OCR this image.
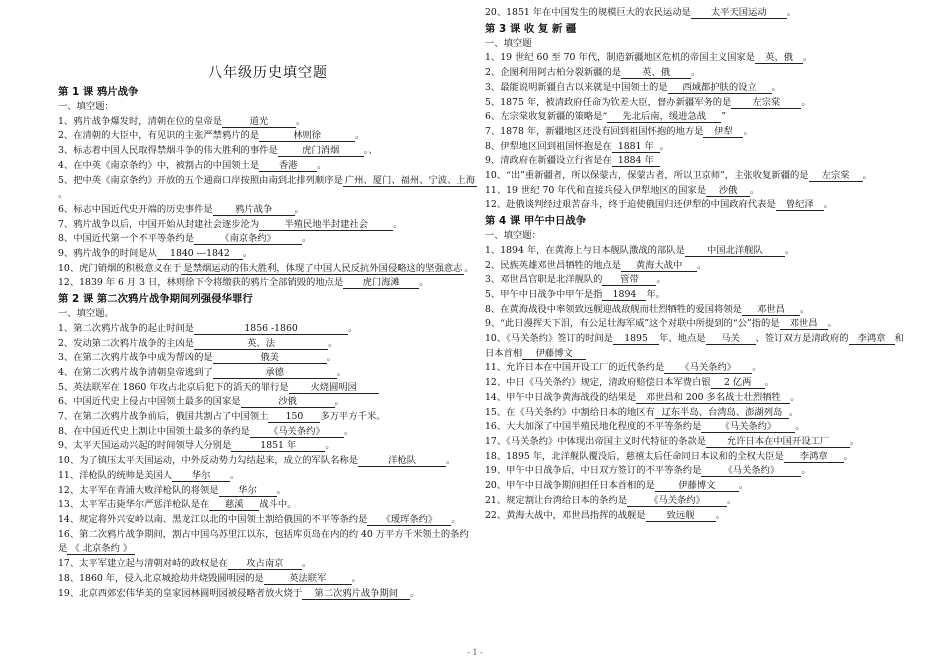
八年级历史填空题
第 1 课 鸦片战争
一、填空题：
1、鸦片战争爆发时，清朝在位的皇帝是	道光	。
2、在清朝的大臣中，有见识的主张严禁鸦片的是	林则徐	。
3、标志着中国人民取得禁烟斗争的伟大胜利的事件是	虎门消烟	。、
4、在中英《南京条约》中，被割占的中国领土是 香港 。
5、把中英《南京条约》开放的五个通商口岸按照由南到北排列顺序是 广州、厦门、福州、宁波、上海。
6、标志中国近代史开端的历史事件是 鸦片战争 。
7、鸦片战争以后，中国开始从封建社会逐步沦为	半殖民地半封建社会	。
8、中国近代第一个不平等条约是	《南京条约》	。
9、鸦片战争的时间是从 1840 ---1842 。
10、虎门销烟的积极意义在于 是禁烟运动的伟大胜利，体现了中国人民反抗外国侵略这的坚强意志 。
12、1839 年 6 月 3 日，林则徐下令将缴获的鸦片全部销毁的地点是 虎门海滩 。
第 2 课 第二次鸦片战争期间列强侵华罪行
一、填空题。
1、第二次鸦片战争的起止时间是	1856 -1860	。
2、发动第二次鸦片战争的主凶是	英、法	。
3、在第二次鸦片战争中成为帮凶的是	俄美	。
4、在第二次鸦片战争清朝皇帝逃到了	承德	。
5、英法联军在 1860 年攻占北京后犯下的滔天的罪行是 火烧圆明园
6、中国近代史上侵占中国领土最多的国家是	沙俄	。
7、在第二次鸦片战争前后，俄国共割占了中国领土 150 多万平方千米。
8、在中国近代史上割让中国领土最多的条约是 《马关条约》 。
9、太平天国运动兴起的时间领导人分别是	1851 年	。
10、为了镇压太平天国运动，中外反动势力勾结起来，成立的军队名称是	洋枪队	。
11、洋枪队的统帅是美国人 华尔 。
12、太平军在青浦大败洋枪队的将领是 华尔 。
13、太平军击毙华尔严惩洋枪队是在 慈溪 战斗中。
14、规定将外兴安岭以南、黑龙江以北的中国领土割给俄国的不平等条约是 《瑷珲条约》 。
16、第二次鸦片战争期间，割占中国乌苏里江以东，包括库页岛在内的约 40 万平方千米领土的条约是 《 北京条约 》
17、太平军建立起与清朝对峙的政权是在 攻占南京 。
18、1860 年，侵入北京城抢劫并烧毁圆明园的是	英法联军	。
19、北京西郊宏伟华美的皇家园林圆明园被侵略者放火烧于 第二次鸦片战争期间 。
20、1851 年在中国发生的规模巨大的农民运动是 太平天国运动 。
第 3 课 收 复 新 疆
一、填空题
1、19 世纪 60 至 70 年代，制造新疆地区危机的帝国主义国家是 英、俄 。
2、企图利用阿古柏分裂新疆的是 英、俄 。
3、最能说明新疆自古以来就是中国领土的是 西域都护肤的设立 。
5、1875 年，被清政府任命为钦差大臣，督办新疆军务的是 左宗棠 。
6、左宗棠收复新疆的策略是“ 先北后南，缓进急战 ”
7、1878 年，新疆地区还没有回到祖国怀抱的地方是 伊犁 。
8、伊犁地区回到祖国怀抱是在 1881 年 。
9、清政府在新疆设立行省是在 1884 年
10、“出”重新疆者，所以保蒙古，保蒙古者，所以卫京师”，主张收复新疆的是 左宗棠 。
11、19 世纪 70 年代和直接兵侵入伊犁地区的国家是 沙俄 。
12、赴俄谈判经过艰苦奋斗，终于迫使俄国归还伊犁的中国政府代表是 曾纪泽 。
第 4 课 甲午中日战争
一、填空题：
1、1894 年，在黄海上与日本舰队激战的部队是 中国北洋舰队 。
2、民族英雄邓世昌牺牲的地点是 黄海大战中 。
3、邓世昌官职是北洋舰队的 管带 。
5、甲午中日战争中甲午是指 1894 年。
8、在黄海战役中率领致远舰迎战敌舰而壮烈牺牲的爱国将领是 邓世昌 。
9、“此日漫挥天下泪，有公足壮海军威”这个对联中所提到的“公”指的是 邓世昌 。
10、《马关条约》签订的时间是 1895 年、地点是 马关 、签订双方是清政府的 李鸿章 和日本首相 伊藤博文
11、允许日本在中国开设工厂的近代条约是 《马关条约》 。
12、中日《马关条约》规定，清政府赔偿日本军费白银 2 亿两 。
14、甲午中日战争黄海战役的结果是 邓世昌和 200 多名战士壮烈牺牲 。
15、在《马关条约》中割给日本的地区有 辽东半岛、台湾岛、澎湖列岛 。
16、大大加深了中国半殖民地化程度的不平等条约是 《马关条约》 。
17、《马关条约》中体现出帝国主义时代特征的条款是 允许日本在中国开设工厂 。
18、1895 年，北洋舰队覆没后，慈禧太后任命同日本议和的全权大臣是 李鸿章 。
19、甲午中日战争后，中日双方签订的不平等条约是 《马关条约》 。
20、甲午中日战争期间担任日本首相的是	伊藤博文	。
21、规定割让台湾给日本的条约是 《马关条约》 。
22、黄海大战中，邓世昌指挥的战舰是 致远舰 。
- 1 -
